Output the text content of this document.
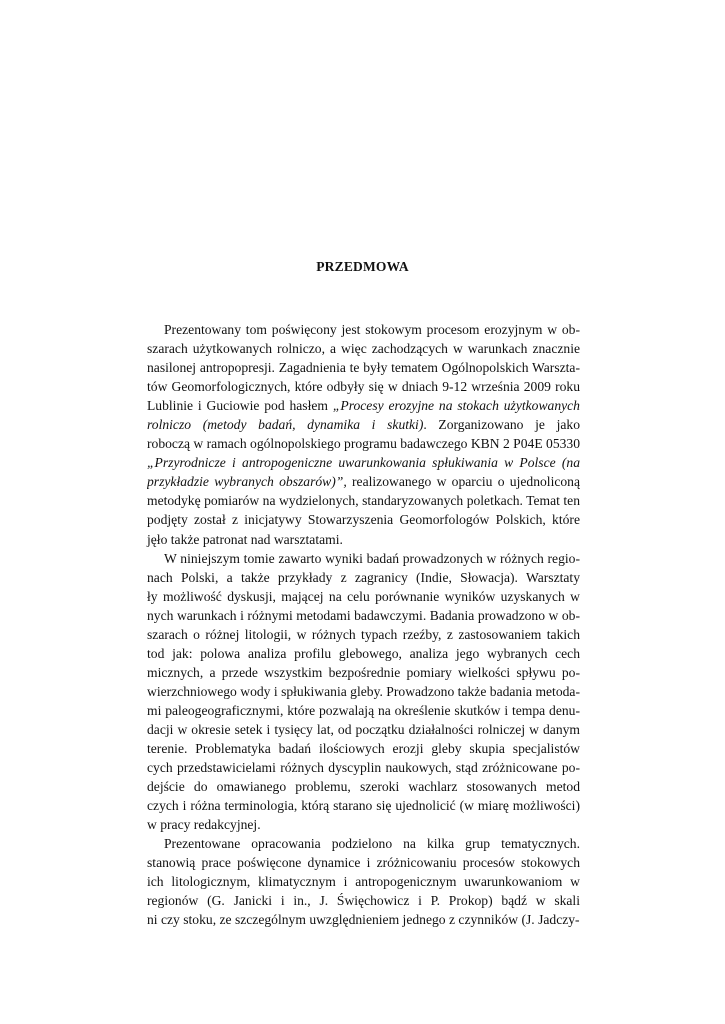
PRZEDMOWA
Prezentowany tom poświęcony jest stokowym procesom erozyjnym w ob-
szarach użytkowanych rolniczo, a więc zachodzących w warunkach znacznie
nasilonej antropopresji. Zagadnienia te były tematem Ogólnopolskich Warszta-
tów Geomorfologicznych, które odbyły się w dniach 9-12 września 2009 roku
Lublinie i Guciowie pod hasłem „Procesy erozyjne na stokach użytkowanych
rolniczo (metody badań, dynamika i skutki). Zorganizowano je jako
roboczą w ramach ogólnopolskiego programu badawczego KBN 2 P04E 05330
„Przyrodnicze i antropogeniczne uwarunkowania spłukiwania w Polsce (na
przykładzie wybranych obszarów)”, realizowanego w oparciu o ujednoliconą
metodykę pomiarów na wydzielonych, standaryzowanych poletkach. Temat ten
podjęty został z inicjatywy Stowarzyszenia Geomorfologów Polskich, które
jęło także patronat nad warsztatami.
W niniejszym tomie zawarto wyniki badań prowadzonych w różnych regio-
nach Polski, a także przykłady z zagranicy (Indie, Słowacja). Warsztaty
ły możliwość dyskusji, mającej na celu porównanie wyników uzyskanych w
nych warunkach i różnymi metodami badawczymi. Badania prowadzono w ob-
szarach o różnej litologii, w różnych typach rzeźby, z zastosowaniem takich
tod jak: polowa analiza profilu glebowego, analiza jego wybranych cech
micznych, a przede wszystkim bezpośrednie pomiary wielkości spływu po-
wierzchniowego wody i spłukiwania gleby. Prowadzono także badania metoda-
mi paleogeograficznymi, które pozwalają na określenie skutków i tempa denu-
dacji w okresie setek i tysięcy lat, od początku działalności rolniczej w danym
terenie. Problematyka badań ilościowych erozji gleby skupia specjalistów
cych przedstawicielami różnych dyscyplin naukowych, stąd zróżnicowane po-
dejście do omawianego problemu, szeroki wachlarz stosowanych metod
czych i różna terminologia, którą starano się ujednolicić (w miarę możliwości)
w pracy redakcyjnej.
Prezentowane opracowania podzielono na kilka grup tematycznych.
stanowią prace poświęcone dynamice i zróżnicowaniu procesów stokowych
ich litologicznym, klimatycznym i antropogenicznym uwarunkowaniom w
regionów (G. Janicki i in., J. Święchowicz i P. Prokop) bądź w skali
ni czy stoku, ze szczególnym uwzględnieniem jednego z czynników (J. Jadczy-
